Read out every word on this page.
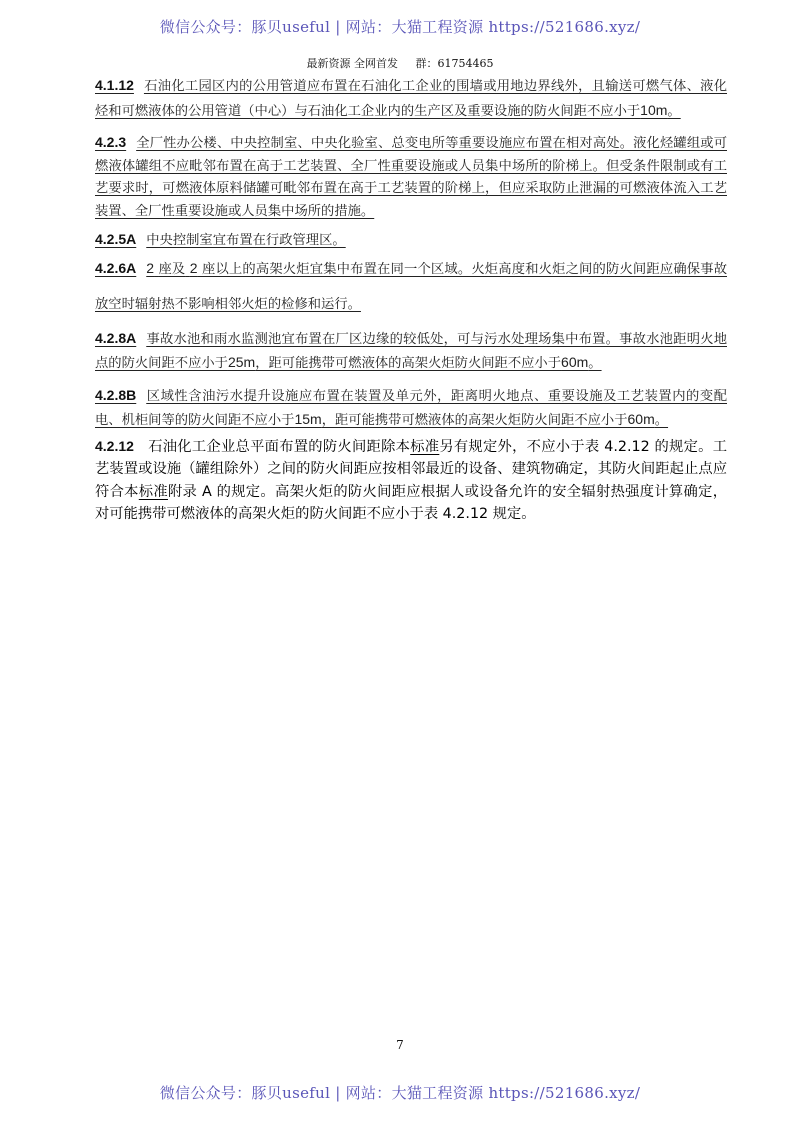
微信公众号：豚贝useful | 网站：大猫工程资源 https://521686.xyz/
最新资源 全网首发     群：61754465

4.1.12 石油化工园区内的公用管道应布置在石油化工企业的围墙或用地边界线外，且输送可燃气体、液化烃和可燃液体的公用管道（中心）与石油化工企业内的生产区及重要设施的防火间距不应小于10m。

4.2.3 全厂性办公楼、中央控制室、中央化验室、总变电所等重要设施应布置在相对高处。液化烃罐组或可燃液体罐组不应毗邻布置在高于工艺装置、全厂性重要设施或人员集中场所的阶梯上。但受条件限制或有工艺要求时，可燃液体原料储罐可毗邻布置在高于工艺装置的阶梯上，但应采取防止泄漏的可燃液体流入工艺装置、全厂性重要设施或人员集中场所的措施。

4.2.5A 中央控制室宜布置在行政管理区。

4.2.6A 2 座及 2 座以上的高架火炬宜集中布置在同一个区域。火炬高度和火炬之间的防火间距应确保事故放空时辐射热不影响相邻火炬的检修和运行。

4.2.8A 事故水池和雨水监测池宜布置在厂区边缘的较低处，可与污水处理场集中布置。事故水池距明火地点的防火间距不应小于25m，距可能携带可燃液体的高架火炬防火间距不应小于60m。

4.2.8B 区域性含油污水提升设施应布置在装置及单元外，距离明火地点、重要设施及工艺装置内的变配电、机柜间等的防火间距不应小于15m，距可能携带可燃液体的高架火炬防火间距不应小于60m。

4.2.12 石油化工企业总平面布置的防火间距除本标准另有规定外，不应小于表 4.2.12 的规定。工艺装置或设施（罐组除外）之间的防火间距应按相邻最近的设备、建筑物确定，其防火间距起止点应符合本标准附录 A 的规定。高架火炬的防火间距应根据人或设备允许的安全辐射热强度计算确定，对可能携带可燃液体的高架火炬的防火间距不应小于表 4.2.12 规定。

7
微信公众号：豚贝useful | 网站：大猫工程资源 https://521686.xyz/
